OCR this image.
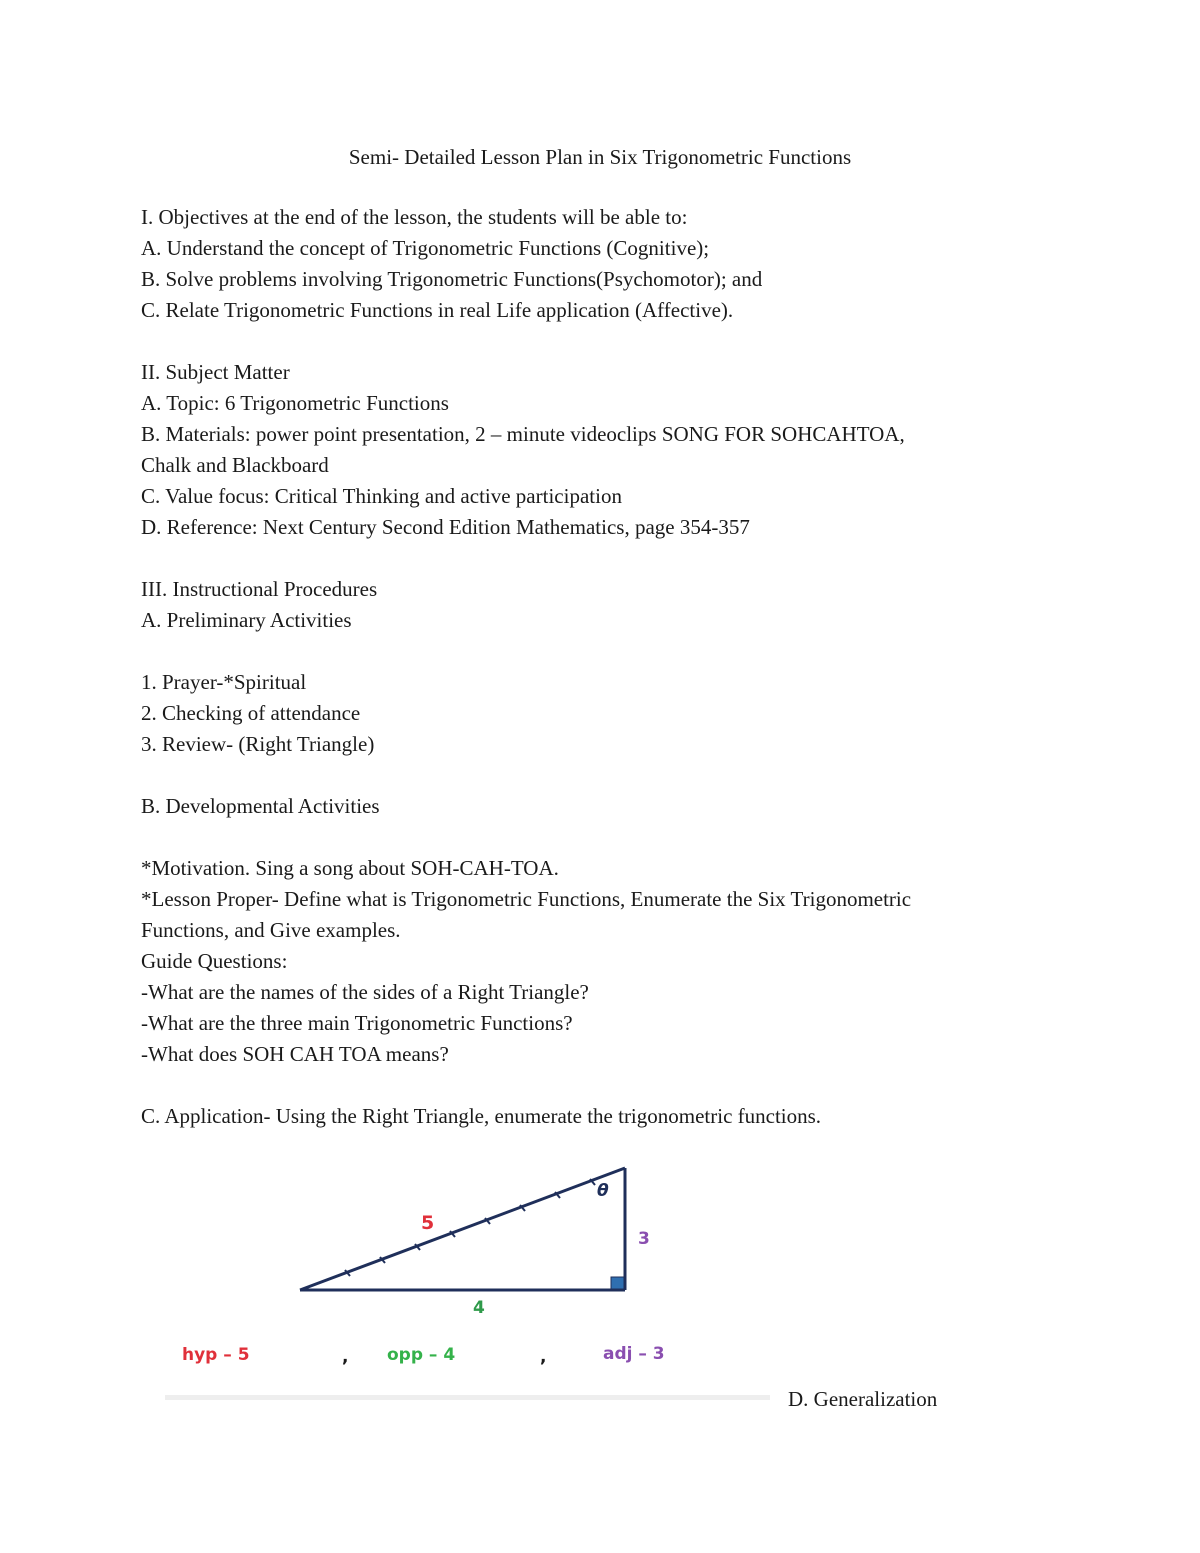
Semi- Detailed Lesson Plan in Six Trigonometric Functions
I. Objectives at the end of the lesson, the students will be able to:
A. Understand the concept of Trigonometric Functions (Cognitive);
B. Solve problems involving Trigonometric Functions(Psychomotor); and
C. Relate Trigonometric Functions in real Life application (Affective).
II. Subject Matter
A. Topic: 6 Trigonometric Functions
B. Materials: power point presentation, 2 – minute videoclips SONG FOR SOHCAHTOA,
Chalk and Blackboard
C. Value focus: Critical Thinking and active participation
D. Reference: Next Century Second Edition Mathematics, page 354-357
III. Instructional Procedures
A. Preliminary Activities
1. Prayer-*Spiritual
2. Checking of attendance
3. Review- (Right Triangle)
B. Developmental Activities
*Motivation. Sing a song about SOH-CAH-TOA.
*Lesson Proper- Define what is Trigonometric Functions, Enumerate the Six Trigonometric
Functions, and Give examples.
Guide Questions:
-What are the names of the sides of a Right Triangle?
-What are the three main Trigonometric Functions?
-What does SOH CAH TOA means?
C. Application- Using the Right Triangle, enumerate the trigonometric functions.
θ
5
3
4
hyp – 5	, opp – 4	,	adj – 3
D. Generalization
